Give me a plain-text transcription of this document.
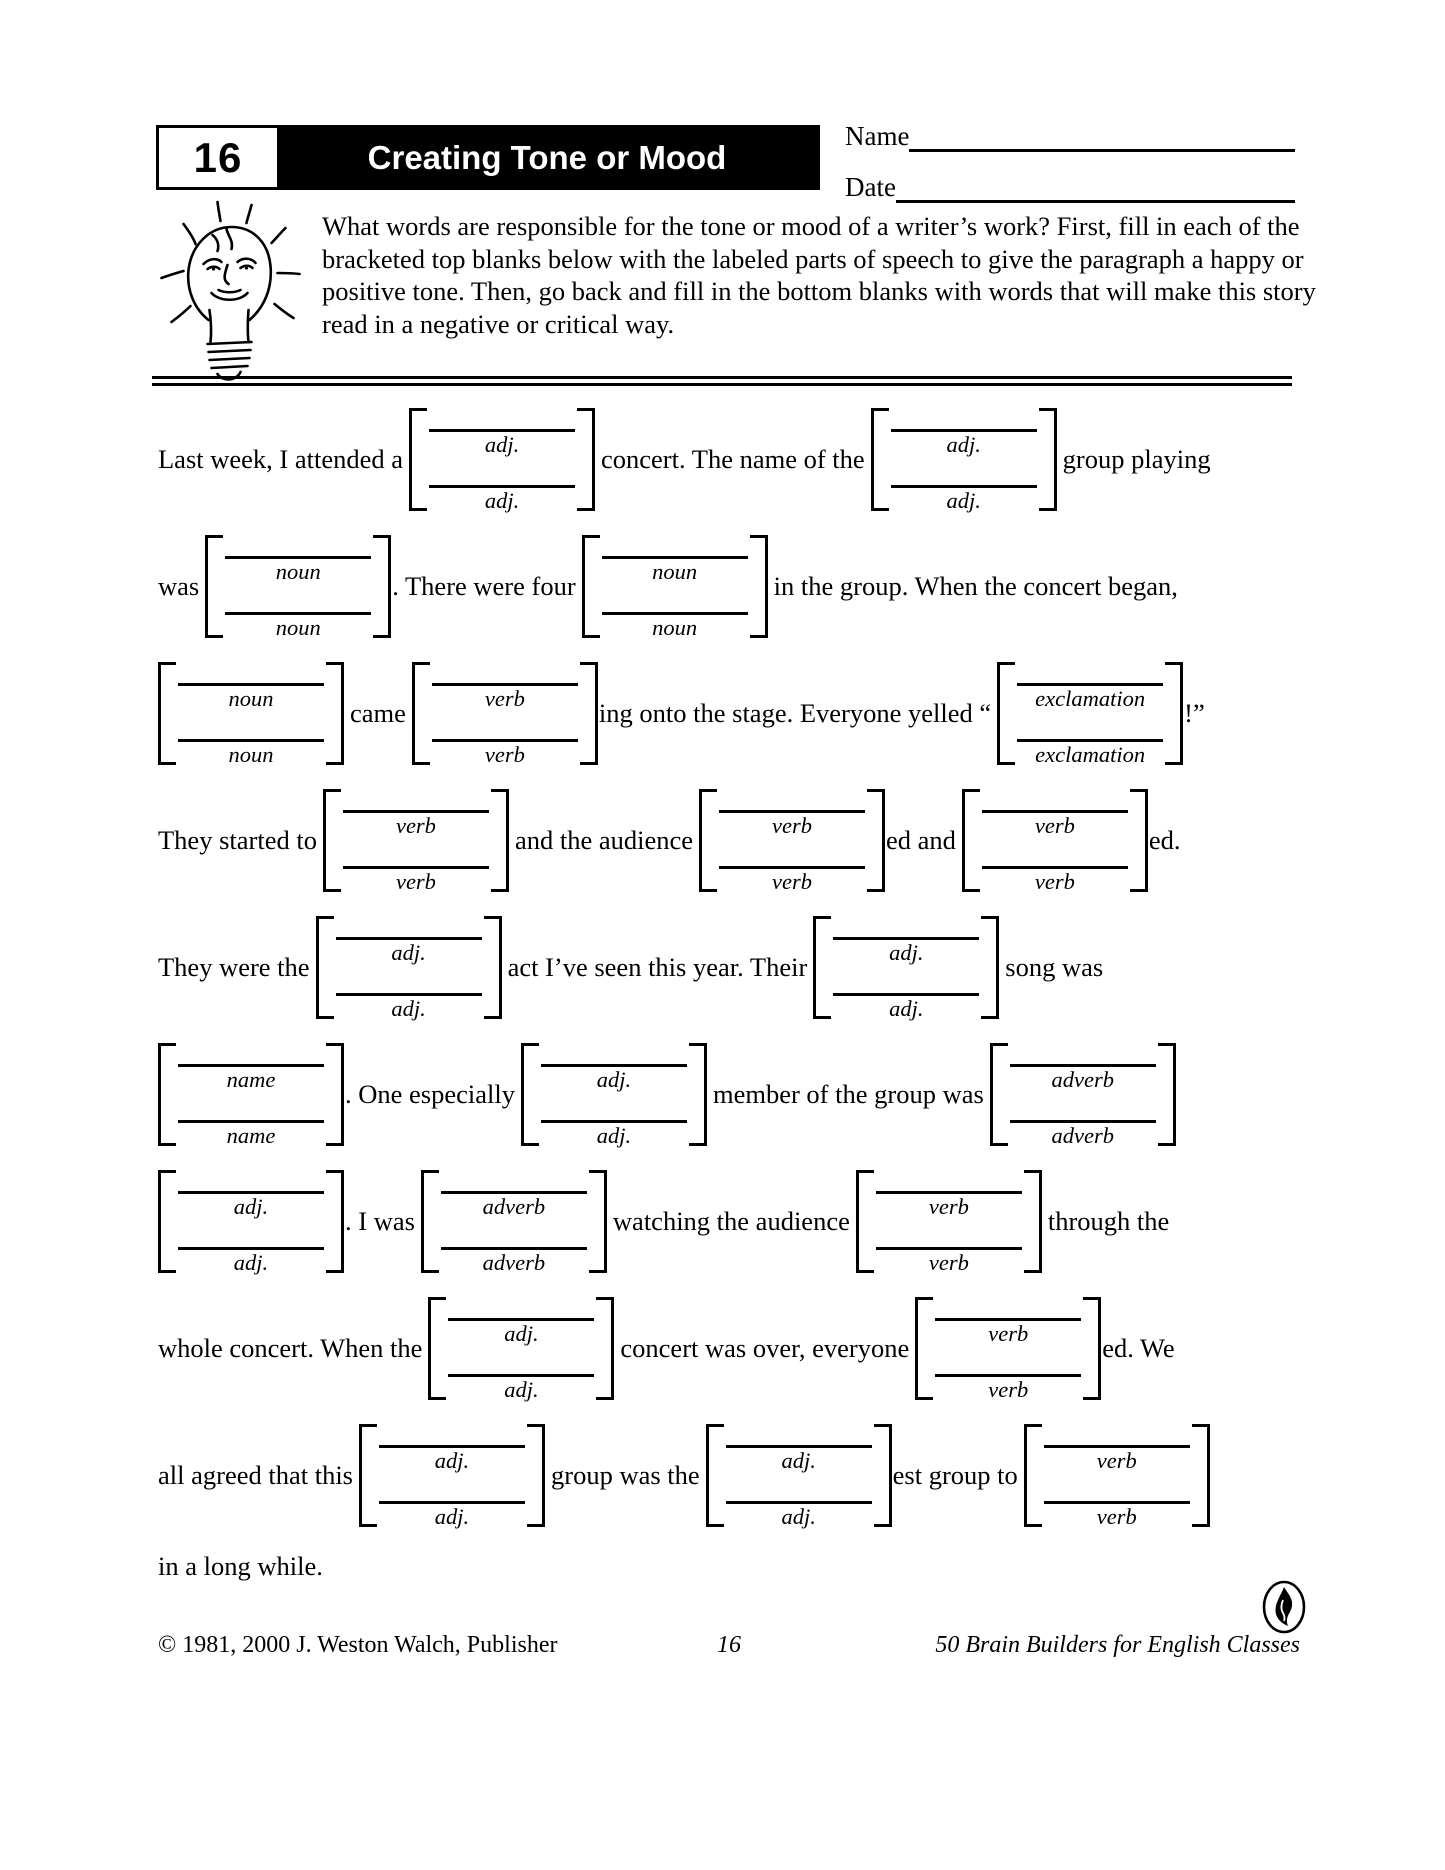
16	Creating Tone or Mood
Name
Date
What words are responsible for the tone or mood of a writer’s work? First, fill in each of the bracketed top blanks below with the labeled parts of speech to give the paragraph a happy or positive tone. Then, go back and fill in the bottom blanks with words that will make this story read in a negative or critical way.
Last week, I attended a	adj.
adj.
concert. The name of the	adj.
adj.
group playing
was	noun
noun
. There were four	noun
noun
in the group. When the concert began,
noun
noun
came	verb
verb
ing onto the stage. Everyone yelled “	exclamation
exclamation
!”
They started to	verb
verb
and the audience	verb
verb
ed and	verb
verb
ed.
They were the	adj.
adj.
act I’ve seen this year. Their	adj.
adj.
song was
name
name
. One especially	adj.
adj.
member of the group was	adverb
adverb
adj.
adj.
. I was	adverb
adverb
watching the audience	verb
verb
through the
whole concert. When the	adj.
adj.
concert was over, everyone	verb
verb
ed. We
all agreed that this	adj.
adj.
group was the	adj.
adj.
est group to	verb
verb
in a long while.
© 1981, 2000 J. Weston Walch, Publisher	16	50 Brain Builders for English Classes
